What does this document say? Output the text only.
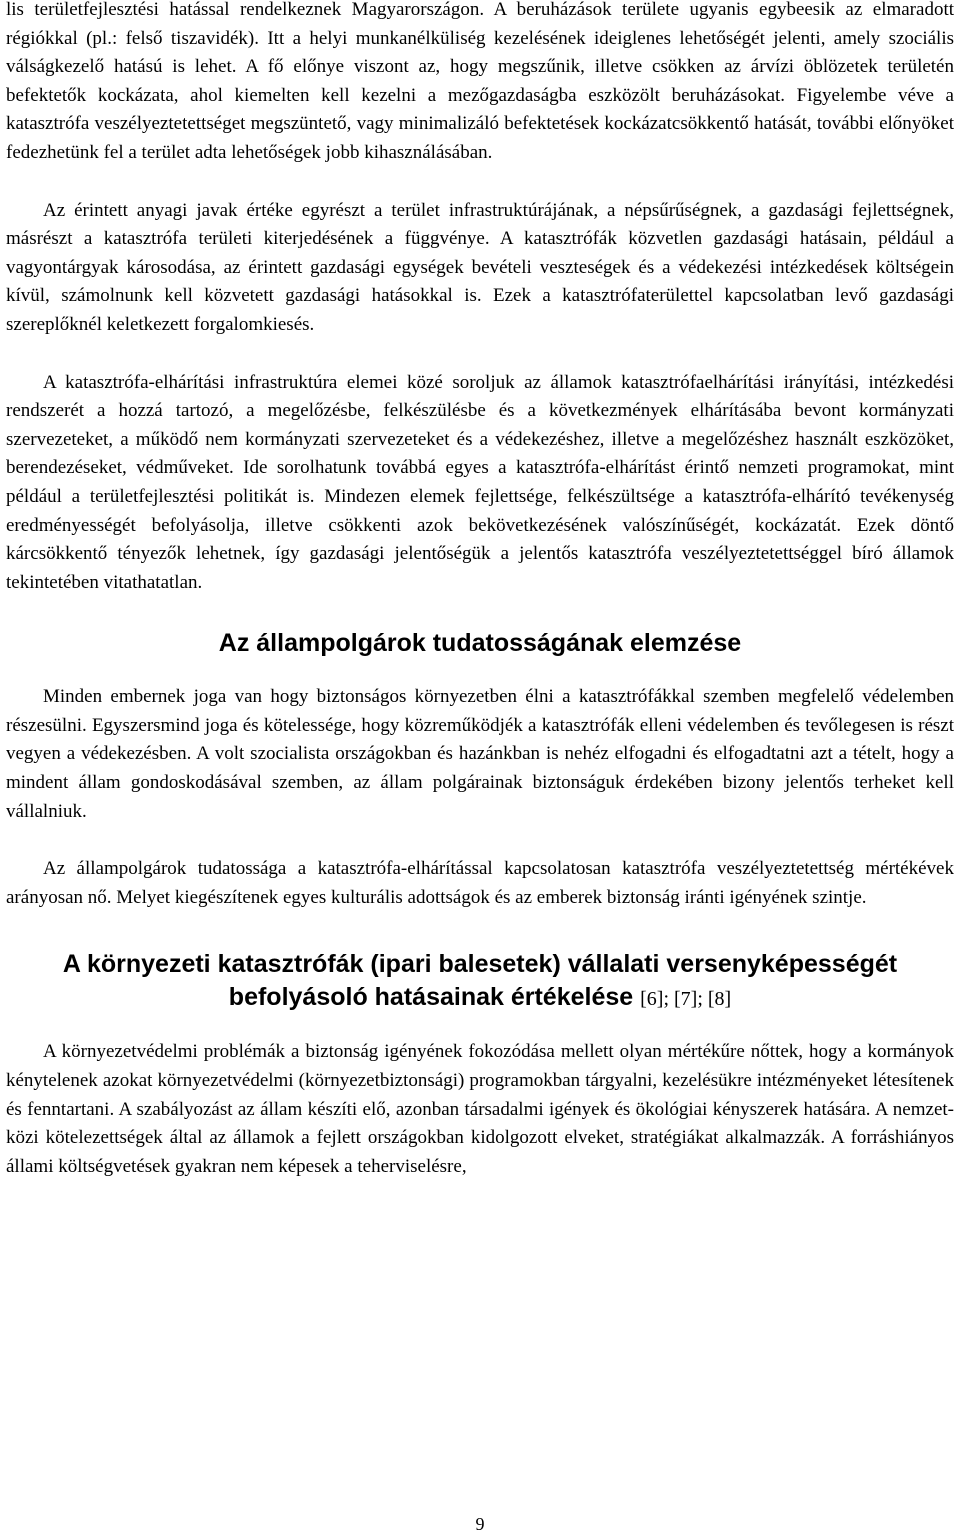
lis területfejlesztési hatással rendelkeznek Magyarországon. A beruházások területe ugyanis egybeesik az elmaradott régiókkal (pl.: felső tiszavidék). Itt a helyi munkanélküliség kezelésének ideiglenes lehetőségét jelenti, amely szociális válságkezelő hatású is lehet. A fő előnye viszont az, hogy megszűnik, illetve csökken az árvízi öblözetek területén befektetők kockázata, ahol kiemelten kell kezelni a mezőgazdaságba eszközölt beruházásokat. Figyelembe véve a katasztrófa veszélyeztetettséget megszüntető, vagy minimalizáló befektetések kockázatcsökkentő hatását, további előnyöket fedezhetünk fel a terület adta lehetőségek jobb kihasználásában.

Az érintett anyagi javak értéke egyrészt a terület infrastruktúrájának, a népsűrűségnek, a gazdasági fejlettségnek, másrészt a katasztrófa területi kiterjedésének a függvénye. A katasztrófák közvetlen gazdasági hatásain, például a vagyontárgyak károsodása, az érintett gazdasági egységek bevételi veszteségek és a védekezési intézkedések költségein kívül, számolnunk kell közvetett gazdasági hatásokkal is. Ezek a katasztrófaterülettel kapcsolatban levő gazdasági szereplőknél keletkezett forgalomkiesés.

A katasztrófa-elhárítási infrastruktúra elemei közé soroljuk az államok katasztrófaelhárítási irányítási, intézkedési rendszerét a hozzá tartozó, a megelőzésbe, felkészülésbe és a következmények elhárításába bevont kormányzati szervezeteket, a működő nem kormányzati szervezeteket és a védekezéshez, illetve a megelőzéshez használt eszközöket, berendezéseket, védműveket. Ide sorolhatunk továbbá egyes a katasztrófa-elhárítást érintő nemzeti programokat, mint például a területfejlesztési politikát is. Mindezen elemek fejlettsége, felkészültsége a katasztrófa-elhárító tevékenység eredményességét befolyásolja, illetve csökkenti azok bekövetkezésének valószínűségét, kockázatát. Ezek döntő kárcsökkentő tényezők lehetnek, így gazdasági jelentőségük a jelentős katasztrófa veszélyeztetettséggel bíró államok tekintetében vitathatatlan.

Az állampolgárok tudatosságának elemzése

Minden embernek joga van hogy biztonságos környezetben élni a katasztrófákkal szemben megfelelő védelemben részesülni. Egyszersmind joga és kötelessége, hogy közreműködjék a katasztrófák elleni védelemben és tevőlegesen is részt vegyen a védekezésben. A volt szocialista országokban és hazánkban is nehéz elfogadni és elfogadtatni azt a tételt, hogy a mindent állam gondoskodásával szemben, az állam polgárainak biztonságuk érdekében bizony jelentős terheket kell vállalniuk.

Az állampolgárok tudatossága a katasztrófa-elhárítással kapcsolatosan katasztrófa veszélyeztetettség mértékévek arányosan nő. Melyet kiegészítenek egyes kulturális adottságok és az emberek biztonság iránti igényének szintje.

A környezeti katasztrófák (ipari balesetek) vállalati versenyképességét befolyásoló hatásainak értékelése [6]; [7]; [8]

A környezetvédelmi problémák a biztonság igényének fokozódása mellett olyan mértékűre nőttek, hogy a kormányok kénytelenek azokat környezetvédelmi (környezetbiztonsági) programokban tárgyalni, kezelésükre intézményeket létesítenek és fenntartani. A szabályozást az állam készíti elő, azonban társadalmi igények és ökológiai kényszerek hatására. A nemzetközi kötelezettségek által az államok a fejlett országokban kidolgozott elveket, stratégiákat alkalmazzák. A forráshiányos állami költségvetések gyakran nem képesek a teherviselésre,

9
